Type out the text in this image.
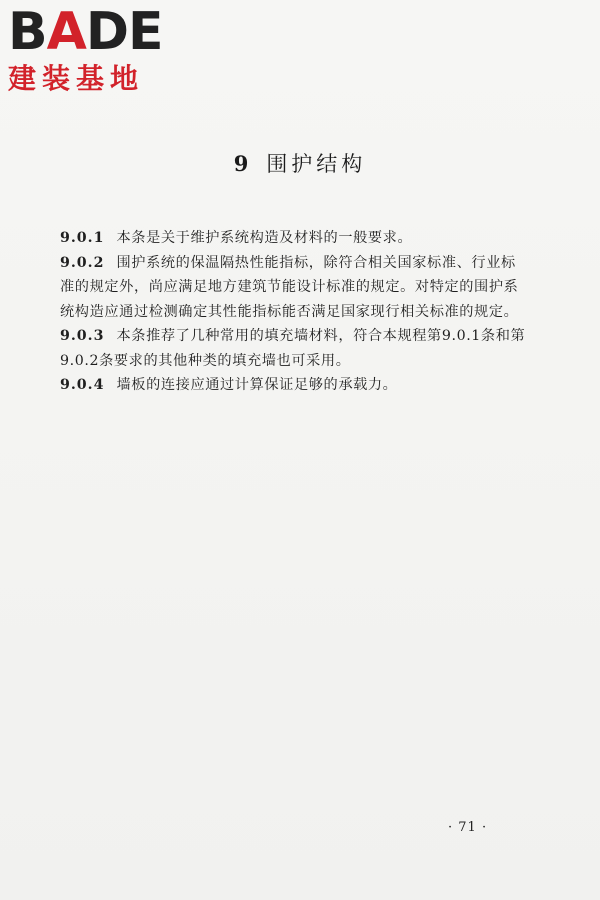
B A DE
建装基地
9 围护结构

9.0.1 本条是关于维护系统构造及材料的一般要求。

9.0.2 围护系统的保温隔热性能指标，除符合相关国家标准、行业标准的规定外，尚应满足地方建筑节能设计标准的规定。对特定的围护系统构造应通过检测确定其性能指标能否满足国家现行相关标准的规定。

9.0.3 本条推荐了几种常用的填充墙材料，符合本规程第9.0.1条和第9.0.2条要求的其他种类的填充墙也可采用。

9.0.4 墙板的连接应通过计算保证足够的承载力。

· 71 ·
